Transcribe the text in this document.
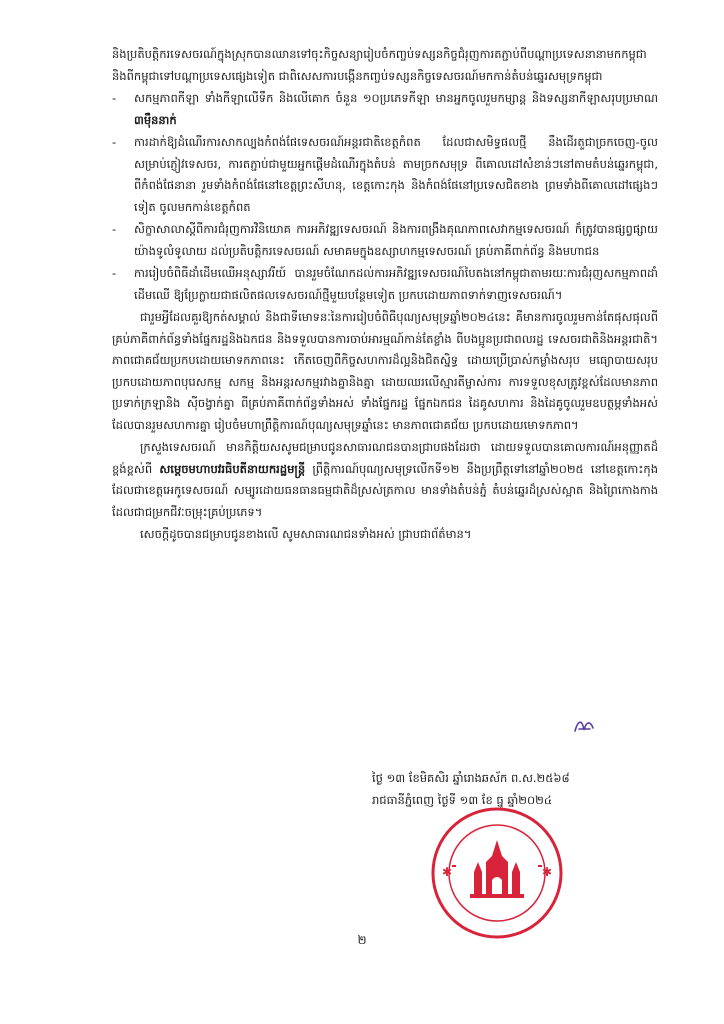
និងប្រតិបត្តិករទេសចរណ៍ក្នុងស្រុកបានឈានទៅចុះកិច្ចសន្យារៀបចំកញ្ចប់ទស្សនកិច្ចជំរុញការតភ្ជាប់ពីបណ្ដាប្រទេសនានាមកកម្ពុជា និងពីកម្ពុជាទៅបណ្ដាប្រទេសផ្សេងទៀត ជាពិសេសការបង្កើនកញ្ចប់ទស្សនកិច្ចទេសចរណ៍មកកាន់តំបន់ឆ្នេរសមុទ្រកម្ពុជា

- សកម្មភាពកីឡា ទាំងកីឡាលើទឹក និងលើគោក ចំនួន ១០ប្រភេទកីឡា មានអ្នកចូលរួមកម្សាន្ត និងទស្សនាកីឡាសរុបប្រមាណ ៣ម៉ឺននាក់
- ការដាក់ឱ្យដំណើរការសាកល្បងកំពង់ផែទេសចរណ៍អន្តរជាតិខេត្តកំពត ដែលជាសមិទ្ធផលថ្មី នឹងដើរតួជាច្រកចេញ-ចូល សម្រាប់ភ្ញៀវទេសចរ, ការតភ្ជាប់ជាមួយអ្នកផ្ដើមដំណើរក្នុងតំបន់ តាមច្រកសមុទ្រ ពីគោលដៅសំខាន់ៗនៅតាមតំបន់ឆ្នេរកម្ពុជា, ពីកំពង់ផែនានា រួមទាំងកំពង់ផែនៅខេត្តព្រះសីហនុ, ខេត្តកោះកុង និងកំពង់ផែនៅប្រទេសជិតខាង ព្រមទាំងពីគោលដៅផ្សេងៗទៀត ចូលមកកាន់ខេត្តកំពត
- សិក្ខាសាលាស្ដីពីការជំរុញការវិនិយោគ ការអភិវឌ្ឍទេសចរណ៍ និងការពង្រឹងគុណភាពសេវាកម្មទេសចរណ៍ ក៏ត្រូវបានផ្សព្វផ្សាយយ៉ាងទូលំទូលាយ ដល់ប្រតិបត្តិករទេសចរណ៍ សមាគមក្នុងឧស្សាហកម្មទេសចរណ៍ គ្រប់ភាគីពាក់ព័ន្ធ និងមហាជន
- ការរៀបចំពិធីដាំដើមឈើអនុស្សាវរីយ៍ បានរួមចំណែកដល់ការអភិវឌ្ឍទេសចរណ៍បៃតងនៅកម្ពុជាតាមរយៈការជំរុញសកម្មភាពដាំដើមឈើ ឱ្យប្រែក្លាយជាផលិតផលទេសចរណ៍ថ្មីមួយបន្ថែមទៀត ប្រកបដោយភាពទាក់ទាញទេសចរណ៍។

ជារួមអ្វីដែលគួរឱ្យកត់សម្គាល់ និងជាទីមោទនៈនៃការរៀបចំពិធីបុណ្យសមុទ្រឆ្នាំ២០២៤នេះ គឺមានការចូលរួមកាន់តែផុសផុលពីគ្រប់ភាគីពាក់ព័ន្ធទាំងផ្នែករដ្ឋនិងឯកជន និងទទួលបានការចាប់អារម្មណ៍កាន់តែខ្លាំង ពីបងប្អូនប្រជាពលរដ្ឋ ទេសចរជាតិនិងអន្តរជាតិ។ ភាពជោគជ័យប្រកបដោយមោទកភាពនេះ កើតចេញពីកិច្ចសហការដ៏ល្អនិងជិតស្និទ្ធ ដោយប្រើប្រាស់កម្លាំងសរុប មធ្យោបាយសរុប ប្រកបដោយភាពបុរេសកម្ម សកម្ម និងអន្តរសកម្មរវាងគ្នានិងគ្នា ដោយឈរលើស្មារតីម្ចាស់ការ ការទទួលខុសត្រូវខ្ពស់ដែលមានភាពប្រទាក់ក្រឡានិង ស៊ីចង្វាក់គ្នា ពីគ្រប់ភាគីពាក់ព័ន្ធទាំងអស់ ទាំងផ្នែករដ្ឋ ផ្នែកឯកជន ដៃគូសហការ និងដៃគូចូលរួមឧបត្ថម្ភទាំងអស់ ដែលបានរួមសហការគ្នា រៀបចំមហាព្រឹត្តិការណ៍បុណ្យសមុទ្រឆ្នាំនេះ មានភាពជោគជ័យ ប្រកបដោយមោទកភាព។

ក្រសួងទេសចរណ៍ មានកិត្តិយសសូមជម្រាបជូនសាធារណជនបានជ្រាបផងដែរថា ដោយទទួលបានគោលការណ៍អនុញ្ញាតដ៏ខ្ពង់ខ្ពស់ពី សម្ដេចមហាបវរធិបតីនាយករដ្ឋមន្ត្រី ព្រឹត្តិការណ៍បុណ្យសមុទ្រលើកទី១២ នឹងប្រព្រឹត្តទៅនៅឆ្នាំ២០២៥ នៅខេត្តកោះកុង ដែលជាខេត្តអេកូទេសចរណ៍ សម្បូរដោយធនធានធម្មជាតិដ៏ស្រស់ត្រកាល មានទាំងតំបន់ភ្នំ តំបន់ឆ្នេរដ៏ស្រស់ស្អាត និងព្រៃកោងកាង ដែលជាជម្រកជីវៈចម្រុះគ្រប់ប្រភេទ។

សេចក្ដីដូចបានជម្រាបជូនខាងលើ សូមសាធារណជនទាំងអស់ ជ្រាបជាព័ត៌មាន។

ថ្ងៃ ១៣ ខែមិគសិរ ឆ្នាំរោងឆស័ក ព.ស.២៥៦៨
រាជធានីភ្នំពេញ ថ្ងៃទី ១៣ ខែ ធ្នូ ឆ្នាំ២០២៤
✱	✱
២
